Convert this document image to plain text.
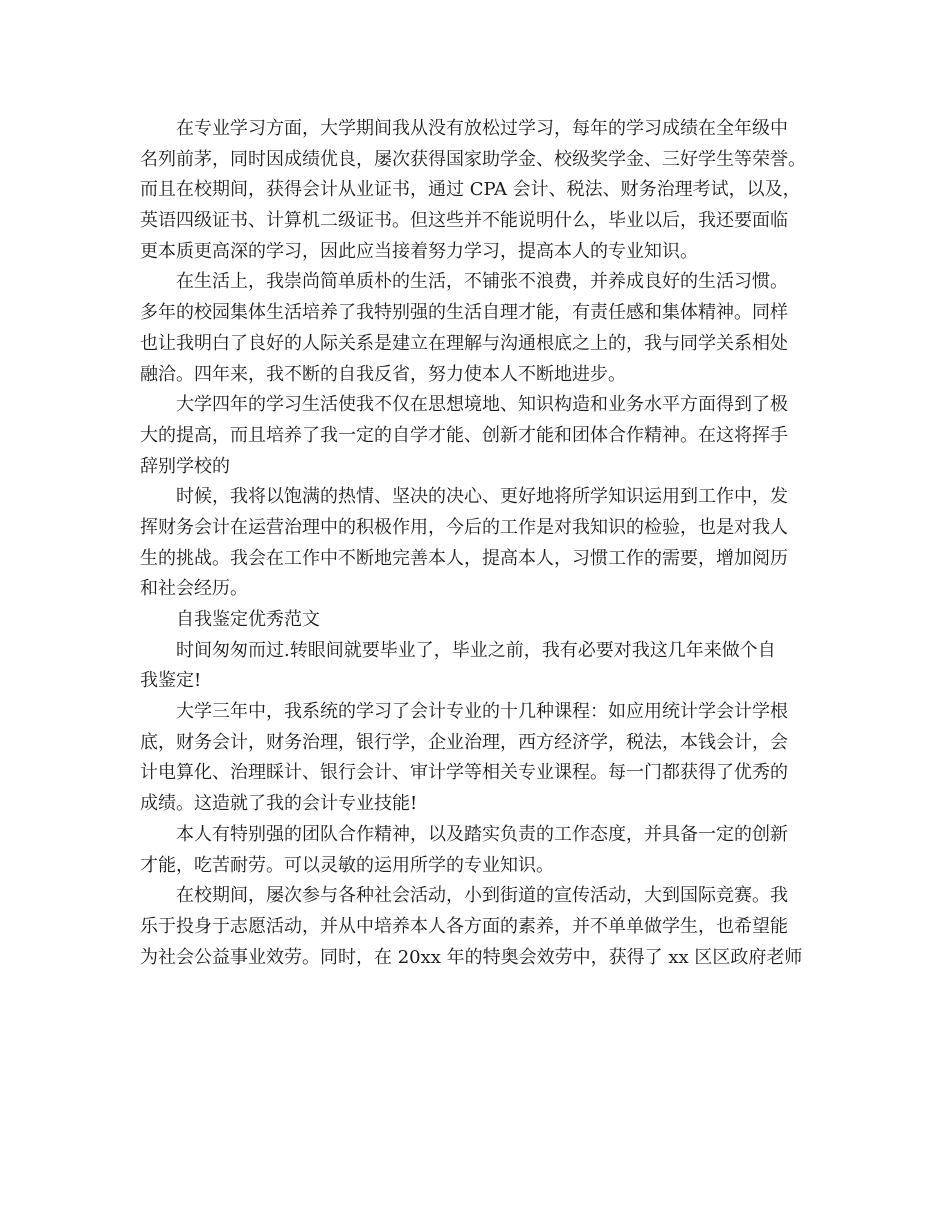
在专业学习方面，大学期间我从没有放松过学习，每年的学习成绩在全年级中
名列前茅，同时因成绩优良，屡次获得国家助学金、校级奖学金、三好学生等荣誉。
而且在校期间，获得会计从业证书，通过 CPA 会计、税法、财务治理考试，以及，
英语四级证书、计算机二级证书。但这些并不能说明什么，毕业以后，我还要面临
更本质更高深的学习，因此应当接着努力学习，提高本人的专业知识。
在生活上，我崇尚简单质朴的生活，不铺张不浪费，并养成良好的生活习惯。
多年的校园集体生活培养了我特别强的生活自理才能，有责任感和集体精神。同样
也让我明白了良好的人际关系是建立在理解与沟通根底之上的，我与同学关系相处
融洽。四年来，我不断的自我反省，努力使本人不断地进步。
大学四年的学习生活使我不仅在思想境地、知识构造和业务水平方面得到了极
大的提高，而且培养了我一定的自学才能、创新才能和团体合作精神。在这将挥手
辞别学校的
时候，我将以饱满的热情、坚决的决心、更好地将所学知识运用到工作中，发
挥财务会计在运营治理中的积极作用，今后的工作是对我知识的检验，也是对我人
生的挑战。我会在工作中不断地完善本人，提高本人，习惯工作的需要，增加阅历
和社会经历。
自我鉴定优秀范文
时间匆匆而过.转眼间就要毕业了，毕业之前，我有必要对我这几年来做个自
我鉴定!
大学三年中，我系统的学习了会计专业的十几种课程：如应用统计学会计学根
底，财务会计，财务治理，银行学，企业治理，西方经济学，税法，本钱会计，会
计电算化、治理睬计、银行会计、审计学等相关专业课程。每一门都获得了优秀的
成绩。这造就了我的会计专业技能!
本人有特别强的团队合作精神，以及踏实负责的工作态度，并具备一定的创新
才能，吃苦耐劳。可以灵敏的运用所学的专业知识。
在校期间，屡次参与各种社会活动，小到街道的宣传活动，大到国际竞赛。我
乐于投身于志愿活动，并从中培养本人各方面的素养，并不单单做学生，也希望能
为社会公益事业效劳。同时，在 20xx 年的特奥会效劳中，获得了 xx 区区政府老师
